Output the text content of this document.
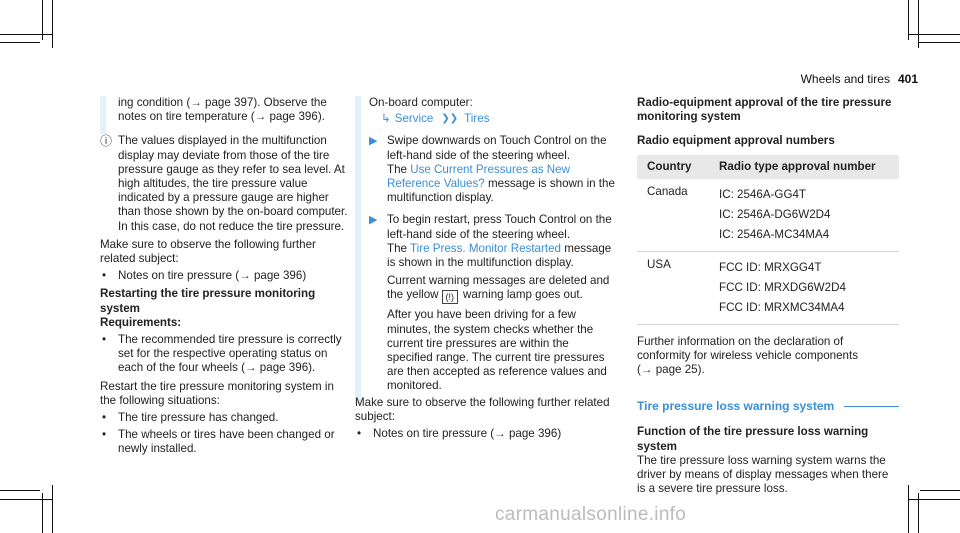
Wheels and tires 401

ing condition (→ page 397). Observe the notes on tire temperature (→ page 396).

ⓘ The values displayed in the multifunction display may deviate from those of the tire pressure gauge as they refer to sea level. At high altitudes, the tire pressure value indicated by a pressure gauge are higher than those shown by the on-board computer. In this case, do not reduce the tire pressure.

Make sure to observe the following further related subject:

•	Notes on tire pressure (→ page 396)

Restarting the tire pressure monitoring system

Requirements:

•	The recommended tire pressure is correctly set for the respective operating status on each of the four wheels (→ page 396).

Restart the tire pressure monitoring system in the following situations:

•	The tire pressure has changed.

•	The wheels or tires have been changed or newly installed.

On-board computer:

↳ Service ❯❯ Tires
▶ Swipe downwards on Touch Control on the left-hand side of the steering wheel.

The Use Current Pressures as New Reference Values? message is shown in the multifunction display.

▶ To begin restart, press Touch Control on the left-hand side of the steering wheel.

The Tire Press. Monitor Restarted message is shown in the multifunction display.

Current warning messages are deleted and

the yellow (!) warning lamp goes out.

After you have been driving for a few minutes, the system checks whether the current tire pressures are within the specified range. The current tire pressures are then accepted as reference values and monitored.

Make sure to observe the following further related subject:

•	Notes on tire pressure (→ page 396)

Radio-equipment approval of the tire pressure monitoring system

Radio equipment approval numbers

Country	Radio type approval number
Canada	IC: 2546A-GG4T
IC: 2546A-DG6W2D4
IC: 2546A-MC34MA4

USA	FCC ID: MRXGG4T
FCC ID: MRXDG6W2D4
FCC ID: MRXMC34MA4

Further information on the declaration of conformity for wireless vehicle components (→ page 25).

Tire pressure loss warning system

Function of the tire pressure loss warning system

The tire pressure loss warning system warns the driver by means of display messages when there is a severe tire pressure loss.

carmanualsonline.info
